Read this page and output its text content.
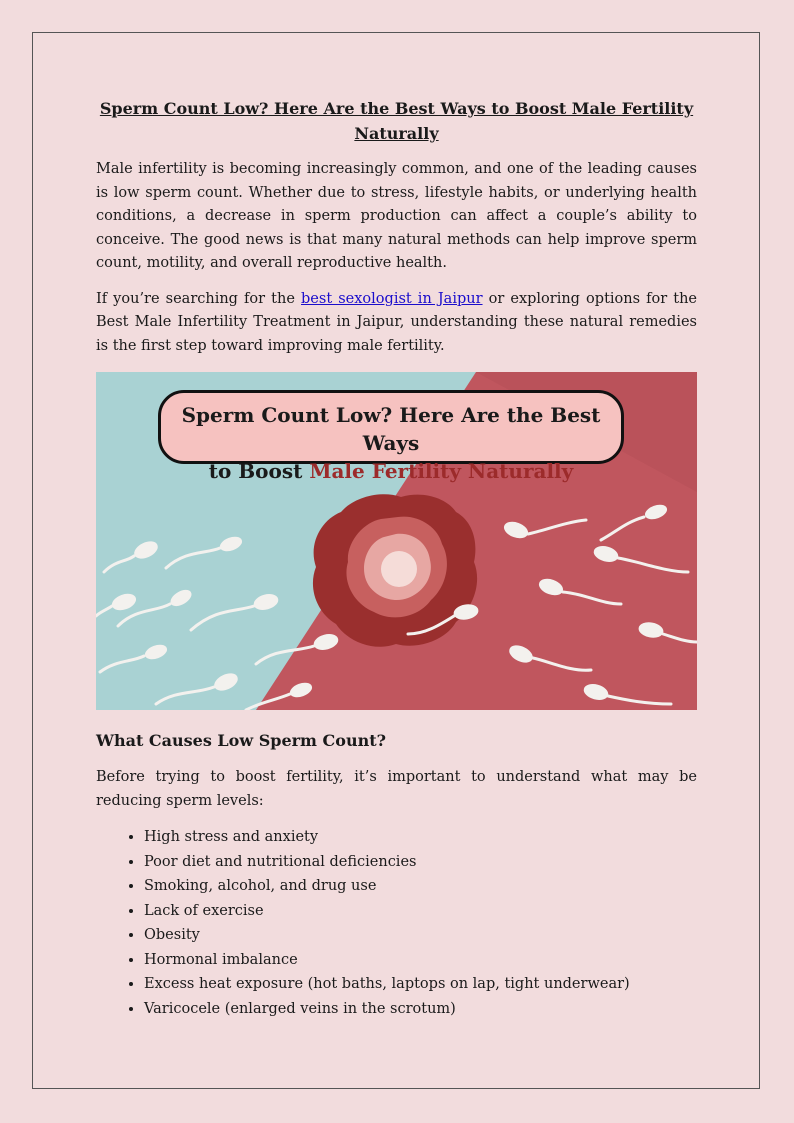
Sperm Count Low? Here Are the Best Ways to Boost Male Fertility Naturally

Male infertility is becoming increasingly common, and one of the leading causes is low sperm count. Whether due to stress, lifestyle habits, or underlying health conditions, a decrease in sperm production can affect a couple’s ability to conceive. The good news is that many natural methods can help improve sperm count, motility, and overall reproductive health.

If you’re searching for the best sexologist in Jaipur or exploring options for the Best Male Infertility Treatment in Jaipur, understanding these natural remedies is the first step toward improving male fertility.

Sperm Count Low? Here Are the Best Ways
to Boost Male Fertility Naturally
What Causes Low Sperm Count?

Before trying to boost fertility, it’s important to understand what may be reducing sperm levels:

• High stress and anxiety
• Poor diet and nutritional deficiencies
• Smoking, alcohol, and drug use
• Lack of exercise
• Obesity
• Hormonal imbalance
• Excess heat exposure (hot baths, laptops on lap, tight underwear)
• Varicocele (enlarged veins in the scrotum)
